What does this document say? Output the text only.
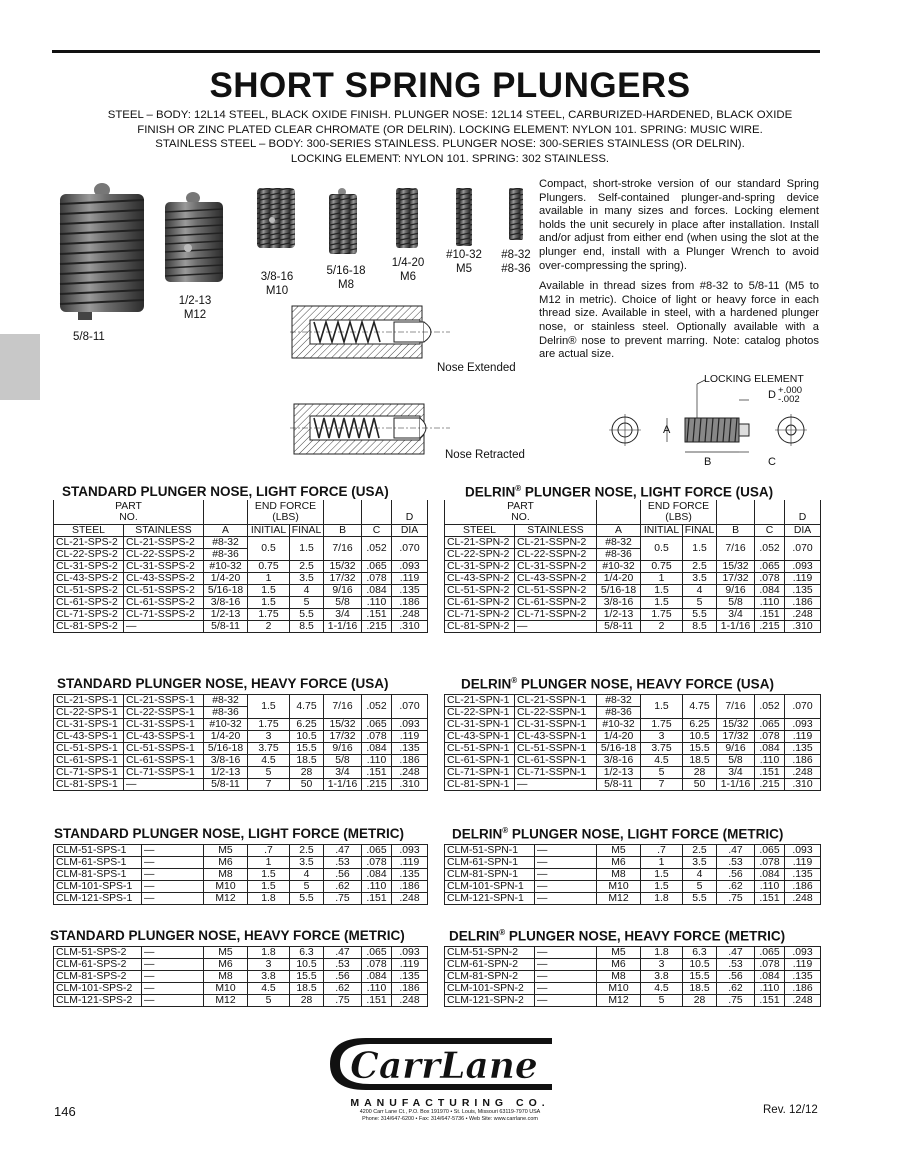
SHORT SPRING PLUNGERS
STEEL – BODY: 12L14 STEEL, BLACK OXIDE FINISH. PLUNGER NOSE: 12L14 STEEL, CARBURIZED-HARDENED, BLACK OXIDE
FINISH OR ZINC PLATED CLEAR CHROMATE (OR DELRIN). LOCKING ELEMENT: NYLON 101. SPRING: MUSIC WIRE.
STAINLESS STEEL – BODY: 300-SERIES STAINLESS. PLUNGER NOSE: 300-SERIES STAINLESS (OR DELRIN).
LOCKING ELEMENT: NYLON 101. SPRING: 302 STAINLESS.
5/8-11
1/2-13
M12
3/8-16
M10
5/16-18
M8
1/4-20
M6
#10-32
M5
#8-32
#8-36
Nose Extended
Nose Retracted

Compact, short-stroke version of our standard Spring Plungers. Self-contained plunger-and-spring device available in many sizes and forces. Locking element holds the unit securely in place after installation. Install and/or adjust from either end (when using the slot at the plunger end, install with a Plunger Wrench to avoid over-compressing the spring).

Available in thread sizes from #8-32 to 5/8-11 (M5 to M12 in metric). Choice of light or heavy force in each thread size. Available in steel, with a hardened plunger nose, or stainless steel. Optionally available with a Delrin® nose to prevent marring. Note: catalog photos are actual size.

LOCKING ELEMENT
D +.000
-.002
A
B	C
STANDARD PLUNGER NOSE, LIGHT FORCE (USA)	DELRIN® PLUNGER NOSE, LIGHT FORCE (USA)
PART			END FORCE				
NO.			(LBS)				D
STEEL	STAINLESS	A	INITIAL	FINAL	B	C	DIA
CL-21-SPS-2	CL-21-SSPS-2	#8-32	0.5	1.5	7/16	.052	.070
CL-22-SPS-2	CL-22-SSPS-2	#8-36					
CL-31-SPS-2	CL-31-SSPS-2	#10-32	0.75	2.5	15/32	.065	.093
CL-43-SPS-2	CL-43-SSPS-2	1/4-20	1	3.5	17/32	.078	.119
CL-51-SPS-2	CL-51-SSPS-2	5/16-18	1.5	4	9/16	.084	.135
CL-61-SPS-2	CL-61-SSPS-2	3/8-16	1.5	5	5/8	.110	.186
CL-71-SPS-2	CL-71-SSPS-2	1/2-13	1.75	5.5	3/4	.151	.248
CL-81-SPS-2	—	5/8-11	2	8.5	1-1/16	.215	.310
PART			END FORCE				
NO.			(LBS)				D
STEEL	STAINLESS	A	INITIAL	FINAL	B	C	DIA
CL-21-SPN-2	CL-21-SSPN-2	#8-32	0.5	1.5	7/16	.052	.070
CL-22-SPN-2	CL-22-SSPN-2	#8-36					
CL-31-SPN-2	CL-31-SSPN-2	#10-32	0.75	2.5	15/32	.065	.093
CL-43-SPN-2	CL-43-SSPN-2	1/4-20	1	3.5	17/32	.078	.119
CL-51-SPN-2	CL-51-SSPN-2	5/16-18	1.5	4	9/16	.084	.135
CL-61-SPN-2	CL-61-SSPN-2	3/8-16	1.5	5	5/8	.110	.186
CL-71-SPN-2	CL-71-SSPN-2	1/2-13	1.75	5.5	3/4	.151	.248
CL-81-SPN-2	—	5/8-11	2	8.5	1-1/16	.215	.310
STANDARD PLUNGER NOSE, HEAVY FORCE (USA)	DELRIN® PLUNGER NOSE, HEAVY FORCE (USA)
CL-21-SPS-1	CL-21-SSPS-1	#8-32	1.5	4.75	7/16	.052	.070
CL-22-SPS-1	CL-22-SSPS-1	#8-36					
CL-31-SPS-1	CL-31-SSPS-1	#10-32	1.75	6.25	15/32	.065	.093
CL-43-SPS-1	CL-43-SSPS-1	1/4-20	3	10.5	17/32	.078	.119
CL-51-SPS-1	CL-51-SSPS-1	5/16-18	3.75	15.5	9/16	.084	.135
CL-61-SPS-1	CL-61-SSPS-1	3/8-16	4.5	18.5	5/8	.110	.186
CL-71-SPS-1	CL-71-SSPS-1	1/2-13	5	28	3/4	.151	.248
CL-81-SPS-1	—	5/8-11	7	50	1-1/16	.215	.310
CL-21-SPN-1	CL-21-SSPN-1	#8-32	1.5	4.75	7/16	.052	.070
CL-22-SPN-1	CL-22-SSPN-1	#8-36					
CL-31-SPN-1	CL-31-SSPN-1	#10-32	1.75	6.25	15/32	.065	.093
CL-43-SPN-1	CL-43-SSPN-1	1/4-20	3	10.5	17/32	.078	.119
CL-51-SPN-1	CL-51-SSPN-1	5/16-18	3.75	15.5	9/16	.084	.135
CL-61-SPN-1	CL-61-SSPN-1	3/8-16	4.5	18.5	5/8	.110	.186
CL-71-SPN-1	CL-71-SSPN-1	1/2-13	5	28	3/4	.151	.248
CL-81-SPN-1	—	5/8-11	7	50	1-1/16	.215	.310
STANDARD PLUNGER NOSE, LIGHT FORCE (METRIC)	DELRIN® PLUNGER NOSE, LIGHT FORCE (METRIC)
CLM-51-SPS-1	—	M5	.7	2.5	.47	.065	.093
CLM-61-SPS-1	—	M6	1	3.5	.53	.078	.119
CLM-81-SPS-1	—	M8	1.5	4	.56	.084	.135
CLM-101-SPS-1	—	M10	1.5	5	.62	.110	.186
CLM-121-SPS-1	—	M12	1.8	5.5	.75	.151	.248
CLM-51-SPN-1	—	M5	.7	2.5	.47	.065	.093
CLM-61-SPN-1	—	M6	1	3.5	.53	.078	.119
CLM-81-SPN-1	—	M8	1.5	4	.56	.084	.135
CLM-101-SPN-1	—	M10	1.5	5	.62	.110	.186
CLM-121-SPN-1	—	M12	1.8	5.5	.75	.151	.248
STANDARD PLUNGER NOSE, HEAVY FORCE (METRIC)	DELRIN® PLUNGER NOSE, HEAVY FORCE (METRIC)
CLM-51-SPS-2	—	M5	1.8	6.3	.47	.065	.093
CLM-61-SPS-2	—	M6	3	10.5	.53	.078	.119
CLM-81-SPS-2	—	M8	3.8	15.5	.56	.084	.135
CLM-101-SPS-2	—	M10	4.5	18.5	.62	.110	.186
CLM-121-SPS-2	—	M12	5	28	.75	.151	.248
CLM-51-SPN-2	—	M5	1.8	6.3	.47	.065	.093
CLM-61-SPN-2	—	M6	3	10.5	.53	.078	.119
CLM-81-SPN-2	—	M8	3.8	15.5	.56	.084	.135
CLM-101-SPN-2	—	M10	4.5	18.5	.62	.110	.186
CLM-121-SPN-2	—	M12	5	28	.75	.151	.248
CarrLane
MANUFACTURING CO.
4200 Carr Lane Ct., P.O. Box 191970 • St. Louis, Missouri 63119-7970 USA
Phone: 314/647-6200 • Fax: 314/647-5736 • Web Site: www.carrlane.com
146	Rev. 12/12
